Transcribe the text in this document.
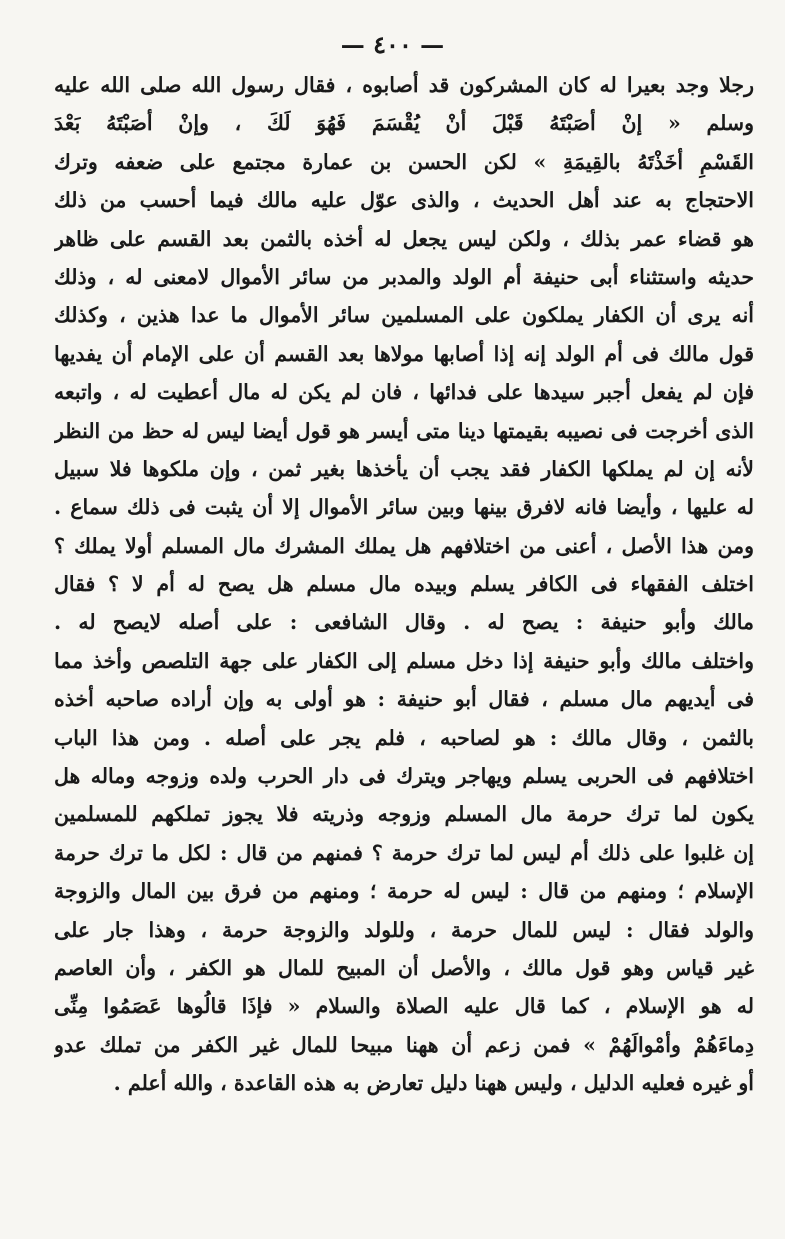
— ٤٠٠ —
رجلا وجد بعيرا له كان المشركون قد أصابوه ، فقال رسول الله صلى الله عليه
وسلم « إنْ أصَبْتَهُ قَبْلَ أنْ يُقْسَمَ فَهُوَ لَكَ ، وإنْ أصَبْتَهُ بَعْدَ
القَسْمِ أخَذْتَهُ بالقِيمَةِ » لكن الحسن بن عمارة مجتمع على ضعفه وترك
الاحتجاج به عند أهل الحديث ، والذى عوّل عليه مالك فيما أحسب من ذلك
هو قضاء عمر بذلك ، ولكن ليس يجعل له أخذه بالثمن بعد القسم على ظاهر
حديثه واستثناء أبى حنيفة أم الولد والمدبر من سائر الأموال لامعنى له ، وذلك
أنه يرى أن الكفار يملكون على المسلمين سائر الأموال ما عدا هذين ، وكذلك
قول مالك فى أم الولد إنه إذا أصابها مولاها بعد القسم أن على الإمام أن يفديها
فإن لم يفعل أجبر سيدها على فدائها ، فان لم يكن له مال أعطيت له ، واتبعه
الذى أخرجت فى نصيبه بقيمتها دينا متى أيسر هو قول أيضا ليس له حظ من النظر
لأنه إن لم يملكها الكفار فقد يجب أن يأخذها بغير ثمن ، وإن ملكوها فلا سبيل
له عليها ، وأيضا فانه لافرق بينها وبين سائر الأموال إلا أن يثبت فى ذلك سماع .
ومن هذا الأصل ، أعنى من اختلافهم هل يملك المشرك مال المسلم أولا يملك ؟
اختلف الفقهاء فى الكافر يسلم وبيده مال مسلم هل يصح له أم لا ؟ فقال
مالك وأبو حنيفة : يصح له . وقال الشافعى : على أصله لايصح له .
واختلف مالك وأبو حنيفة إذا دخل مسلم إلى الكفار على جهة التلصص وأخذ مما
فى أيديهم مال مسلم ، فقال أبو حنيفة : هو أولى به وإن أراده صاحبه أخذه
بالثمن ، وقال مالك : هو لصاحبه ، فلم يجر على أصله . ومن هذا الباب
اختلافهم فى الحربى يسلم ويهاجر ويترك فى دار الحرب ولده وزوجه وماله هل
يكون لما ترك حرمة مال المسلم وزوجه وذريته فلا يجوز تملكهم للمسلمين
إن غلبوا على ذلك أم ليس لما ترك حرمة ؟ فمنهم من قال : لكل ما ترك حرمة
الإسلام ؛ ومنهم من قال : ليس له حرمة ؛ ومنهم من فرق بين المال والزوجة
والولد فقال : ليس للمال حرمة ، وللولد والزوجة حرمة ، وهذا جار على
غير قياس وهو قول مالك ، والأصل أن المبيح للمال هو الكفر ، وأن العاصم
له هو الإسلام ، كما قال عليه الصلاة والسلام « فإذَا قالُوها عَصَمُوا مِنِّى
دِماءَهُمْ وأمْوالَهُمْ » فمن زعم أن ههنا مبيحا للمال غير الكفر من تملك عدو
أو غيره فعليه الدليل ، وليس ههنا دليل تعارض به هذه القاعدة ، والله أعلم .
